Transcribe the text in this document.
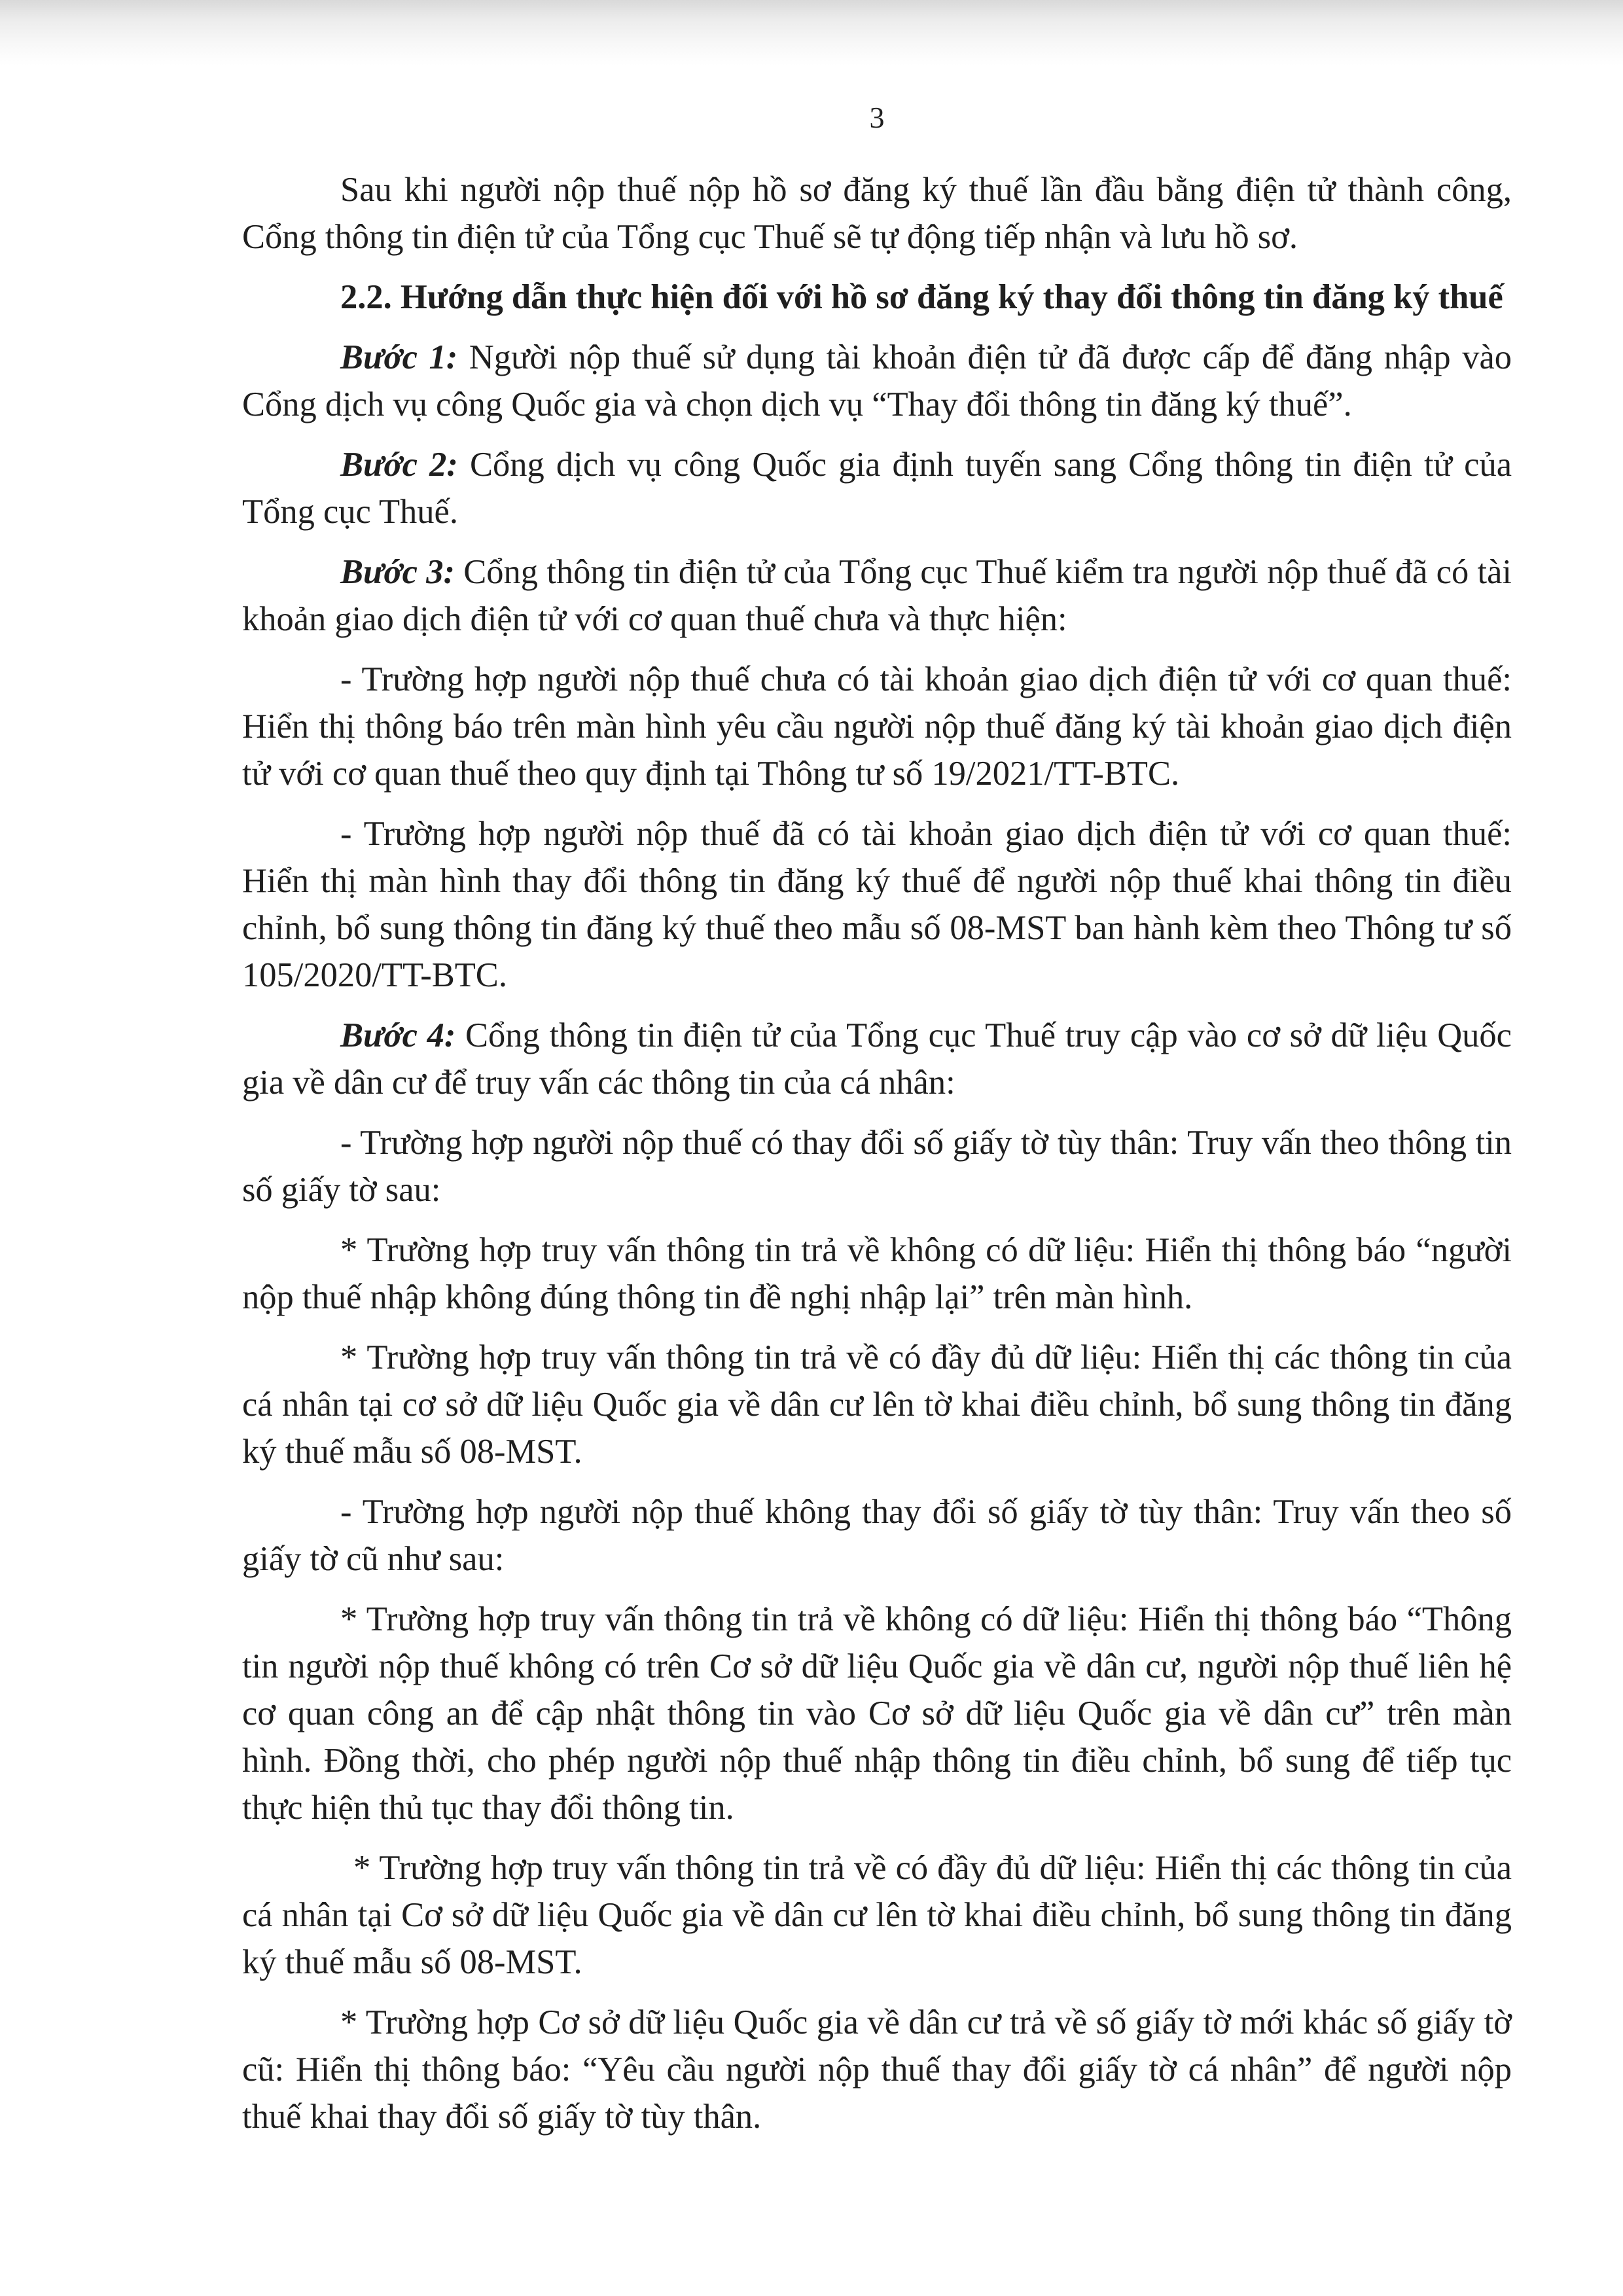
3

Sau khi người nộp thuế nộp hồ sơ đăng ký thuế lần đầu bằng điện tử thành công, Cổng thông tin điện tử của Tổng cục Thuế sẽ tự động tiếp nhận và lưu hồ sơ.

2.2. Hướng dẫn thực hiện đối với hồ sơ đăng ký thay đổi thông tin đăng ký thuế

Bước 1: Người nộp thuế sử dụng tài khoản điện tử đã được cấp để đăng nhập vào Cổng dịch vụ công Quốc gia và chọn dịch vụ “Thay đổi thông tin đăng ký thuế”.

Bước 2: Cổng dịch vụ công Quốc gia định tuyến sang Cổng thông tin điện tử của Tổng cục Thuế.

Bước 3: Cổng thông tin điện tử của Tổng cục Thuế kiểm tra người nộp thuế đã có tài khoản giao dịch điện tử với cơ quan thuế chưa và thực hiện:

- Trường hợp người nộp thuế chưa có tài khoản giao dịch điện tử với cơ quan thuế: Hiển thị thông báo trên màn hình yêu cầu người nộp thuế đăng ký tài khoản giao dịch điện tử với cơ quan thuế theo quy định tại Thông tư số 19/2021/TT-BTC.

- Trường hợp người nộp thuế đã có tài khoản giao dịch điện tử với cơ quan thuế: Hiển thị màn hình thay đổi thông tin đăng ký thuế để người nộp thuế khai thông tin điều chỉnh, bổ sung thông tin đăng ký thuế theo mẫu số 08-MST ban hành kèm theo Thông tư số 105/2020/TT-BTC.

Bước 4: Cổng thông tin điện tử của Tổng cục Thuế truy cập vào cơ sở dữ liệu Quốc gia về dân cư để truy vấn các thông tin của cá nhân:

- Trường hợp người nộp thuế có thay đổi số giấy tờ tùy thân: Truy vấn theo thông tin số giấy tờ sau:

* Trường hợp truy vấn thông tin trả về không có dữ liệu: Hiển thị thông báo “người nộp thuế nhập không đúng thông tin đề nghị nhập lại” trên màn hình.

* Trường hợp truy vấn thông tin trả về có đầy đủ dữ liệu: Hiển thị các thông tin của cá nhân tại cơ sở dữ liệu Quốc gia về dân cư lên tờ khai điều chỉnh, bổ sung thông tin đăng ký thuế mẫu số 08-MST.

- Trường hợp người nộp thuế không thay đổi số giấy tờ tùy thân: Truy vấn theo số giấy tờ cũ như sau:

* Trường hợp truy vấn thông tin trả về không có dữ liệu: Hiển thị thông báo “Thông tin người nộp thuế không có trên Cơ sở dữ liệu Quốc gia về dân cư, người nộp thuế liên hệ cơ quan công an để cập nhật thông tin vào Cơ sở dữ liệu Quốc gia về dân cư” trên màn hình. Đồng thời, cho phép người nộp thuế nhập thông tin điều chỉnh, bổ sung để tiếp tục thực hiện thủ tục thay đổi thông tin.

* Trường hợp truy vấn thông tin trả về có đầy đủ dữ liệu: Hiển thị các thông tin của cá nhân tại Cơ sở dữ liệu Quốc gia về dân cư lên tờ khai điều chỉnh, bổ sung thông tin đăng ký thuế mẫu số 08-MST.

* Trường hợp Cơ sở dữ liệu Quốc gia về dân cư trả về số giấy tờ mới khác số giấy tờ cũ: Hiển thị thông báo: “Yêu cầu người nộp thuế thay đổi giấy tờ cá nhân” để người nộp thuế khai thay đổi số giấy tờ tùy thân.
